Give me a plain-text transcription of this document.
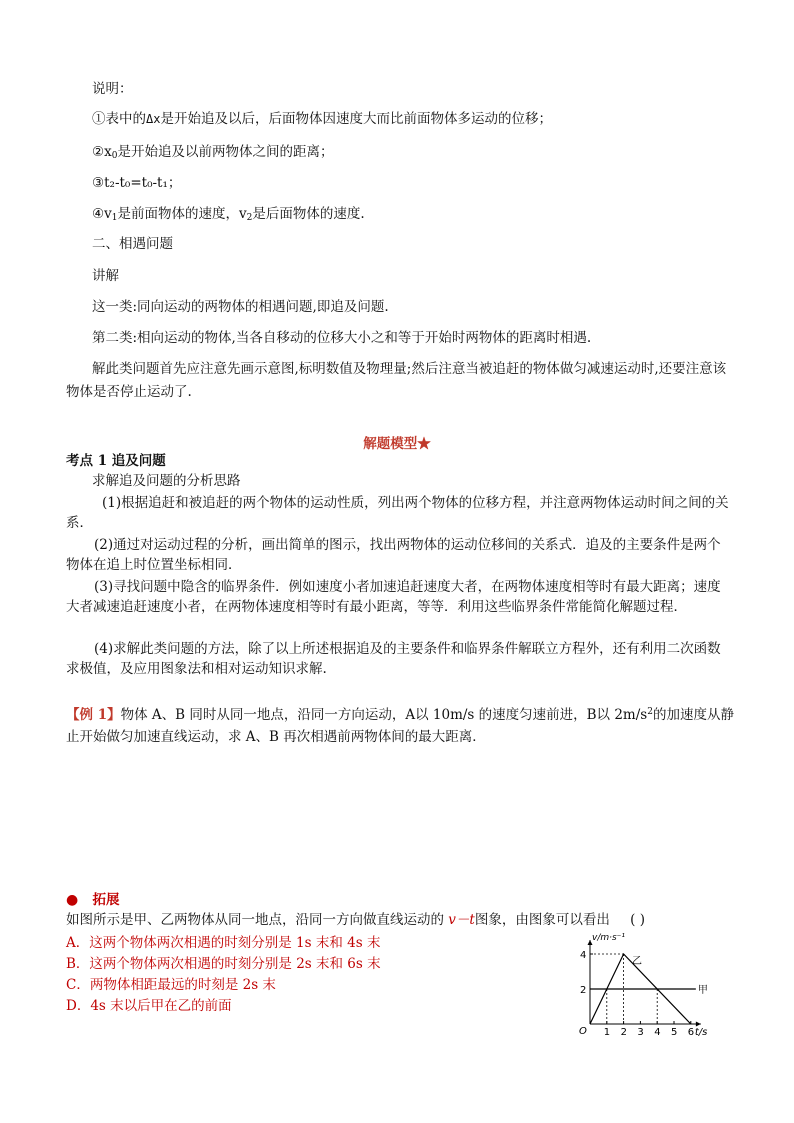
说明：
①表中的Δx是开始追及以后，后面物体因速度大而比前面物体多运动的位移；
$②x_0$是开始追及以前两物体之间的距离；
③t₂-t₀=t₀-t₁；
$④v_1$是前面物体的速度，$v_2$是后面物体的速度.
二、相遇问题
讲解
这一类:同向运动的两物体的相遇问题,即追及问题.
第二类:相向运动的物体,当各自移动的位移大小之和等于开始时两物体的距离时相遇.
解此类问题首先应注意先画示意图,标明数值及物理量;然后注意当被追赶的物体做匀减速运动时,还要注意该物体是否停止运动了.
解题模型★
考点 1 追及问题
求解追及问题的分析思路
(1)根据追赶和被追赶的两个物体的运动性质，列出两个物体的位移方程，并注意两物体运动时间之间的关系．
(2)通过对运动过程的分析，画出简单的图示，找出两物体的运动位移间的关系式．追及的主要条件是两个物体在追上时位置坐标相同．
(3)寻找问题中隐含的临界条件．例如速度小者加速追赶速度大者，在两物体速度相等时有最大距离；速度大者减速追赶速度小者，在两物体速度相等时有最小距离，等等．利用这些临界条件常能简化解题过程．
(4)求解此类问题的方法，除了以上所述根据追及的主要条件和临界条件解联立方程外，还有利用二次函数求极值，及应用图象法和相对运动知识求解.
【例 1】物体 A、B 同时从同一地点，沿同一方向运动，A以 10m/s 的速度匀速前进，B以 $2m/s^2$的加速度从静止开始做匀加速直线运动，求 A、B 再次相遇前两物体间的最大距离．
● 拓展
如图所示是甲、乙两物体从同一地点，沿同一方向做直线运动的 v－t图象，由图象可以看出 ( )
A．这两个物体两次相遇的时刻分别是 1s 末和 4s 末
B．这两个物体两次相遇的时刻分别是 2s 末和 6s 末
C．两物体相距最远的时刻是 2s 末
D．4s 末以后甲在乙的前面
v/m·s⁻¹
t/s
O 1 2 3 4 5 6
2
4
甲
乙
